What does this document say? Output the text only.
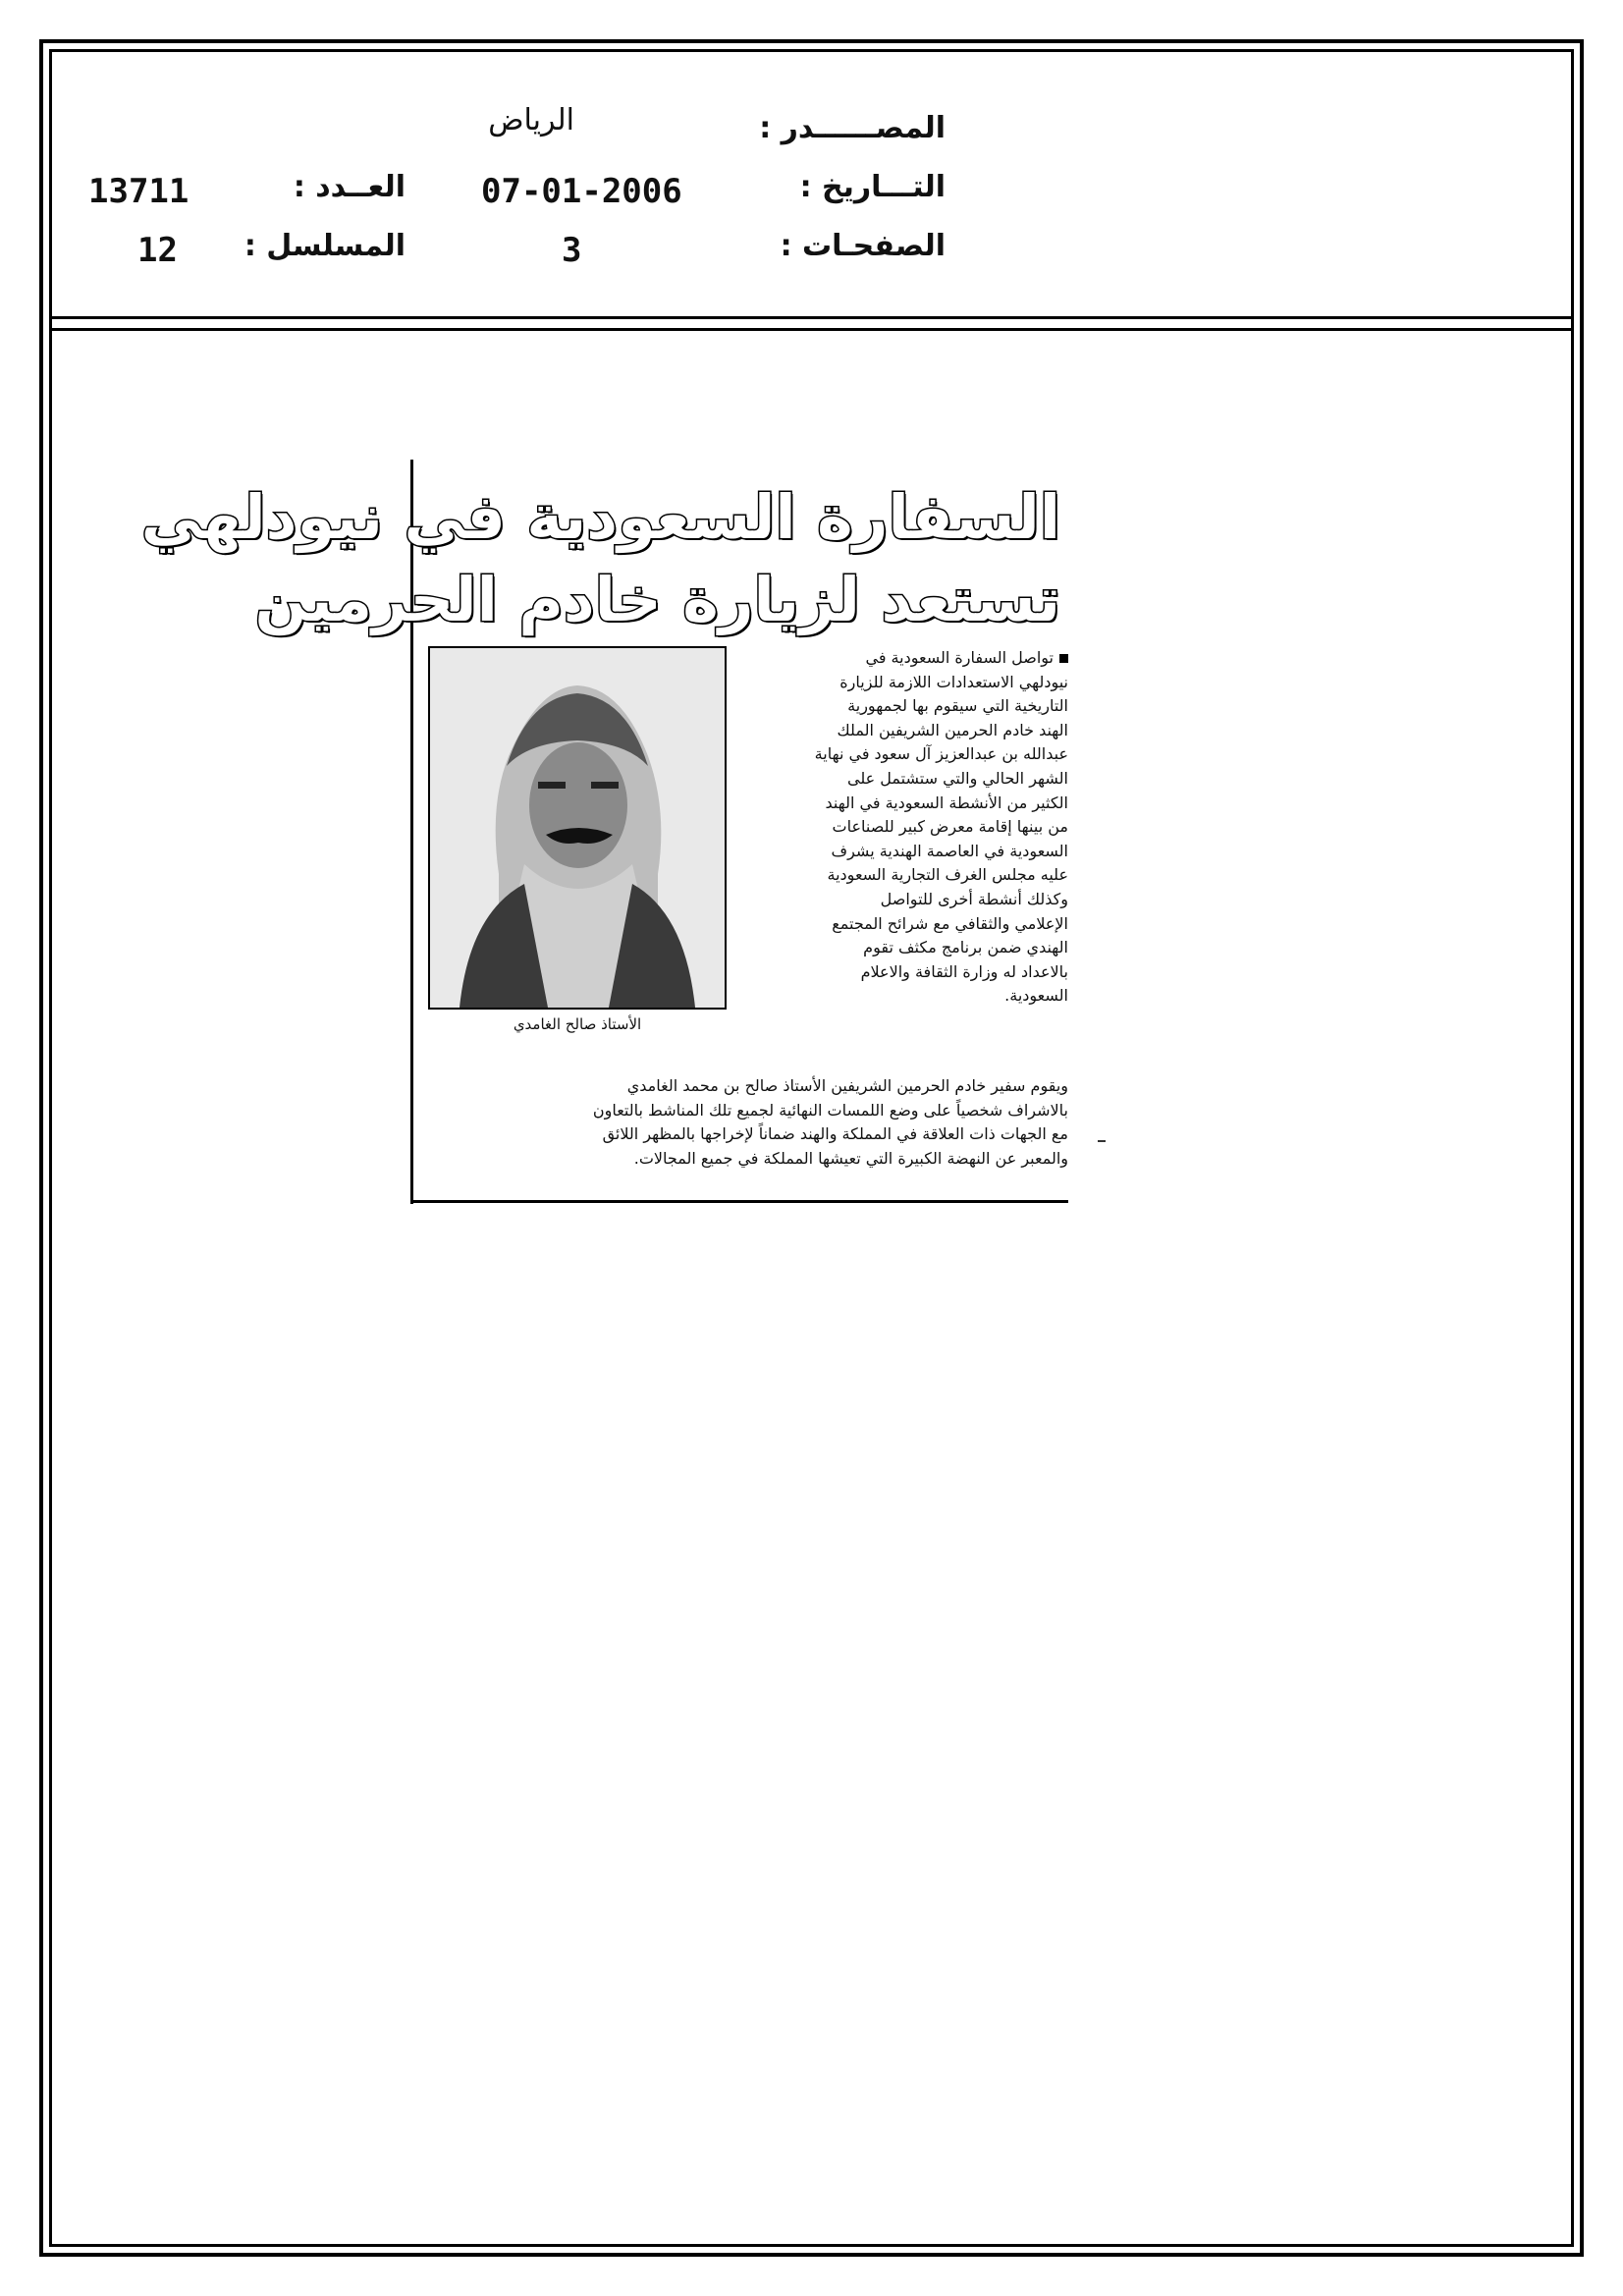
المصــــــدر :
الرياض
التـــاريخ :
07-01-2006
العــدد :
13711
الصفحـات :
3
المسلسل :
12
السفارة السعودية في نيودلهي
تستعد لزيارة خادم الحرمين
الأستاذ صالح الغامدي

تواصل السفارة السعودية في

نيودلهي الاستعدادات اللازمة للزيارة

التاريخية التي سيقوم بها لجمهورية

الهند خادم الحرمين الشريفين الملك

عبدالله بن عبدالعزيز آل سعود في نهاية

الشهر الحالي والتي ستشتمل على

الكثير من الأنشطة السعودية في الهند

من بينها إقامة معرض كبير للصناعات

السعودية في العاصمة الهندية يشرف

عليه مجلس الغرف التجارية السعودية

وكذلك أنشطة أخرى للتواصل

الإعلامي والثقافي مع شرائح المجتمع

الهندي ضمن برنامج مكثف تقوم

بالاعداد له وزارة الثقافة والاعلام

السعودية.

ويقوم سفير خادم الحرمين الشريفين الأستاذ صالح بن محمد الغامدي

بالاشراف شخصياً على وضع اللمسات النهائية لجميع تلك المناشط بالتعاون

مع الجهات ذات العلاقة في المملكة والهند ضماناً لإخراجها بالمظهر اللائق

والمعبر عن النهضة الكبيرة التي تعيشها المملكة في جميع المجالات.
